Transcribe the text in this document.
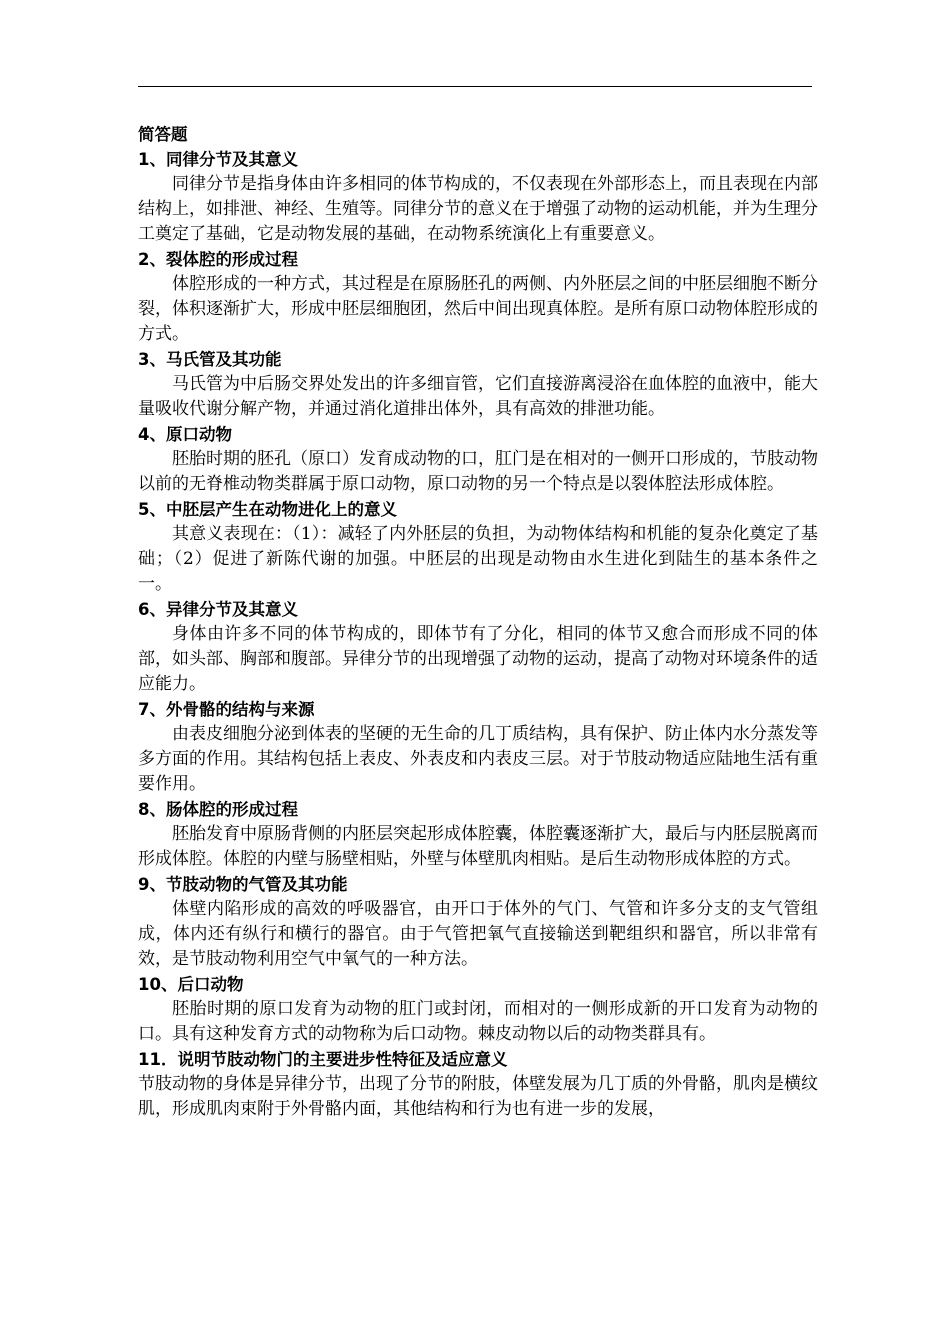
简答题

1、同律分节及其意义

同律分节是指身体由许多相同的体节构成的，不仅表现在外部形态上，而且表现在内部结构上，如排泄、神经、生殖等。同律分节的意义在于增强了动物的运动机能，并为生理分工奠定了基础，它是动物发展的基础，在动物系统演化上有重要意义。

2、裂体腔的形成过程

体腔形成的一种方式，其过程是在原肠胚孔的两侧、内外胚层之间的中胚层细胞不断分裂，体积逐渐扩大，形成中胚层细胞团，然后中间出现真体腔。是所有原口动物体腔形成的方式。

3、马氏管及其功能

马氏管为中后肠交界处发出的许多细盲管，它们直接游离浸浴在血体腔的血液中，能大量吸收代谢分解产物，并通过消化道排出体外，具有高效的排泄功能。

4、原口动物

胚胎时期的胚孔（原口）发育成动物的口，肛门是在相对的一侧开口形成的，节肢动物以前的无脊椎动物类群属于原口动物，原口动物的另一个特点是以裂体腔法形成体腔。

5、中胚层产生在动物进化上的意义

其意义表现在：（1）：减轻了内外胚层的负担，为动物体结构和机能的复杂化奠定了基础；（2）促进了新陈代谢的加强。中胚层的出现是动物由水生进化到陆生的基本条件之一。

6、异律分节及其意义

身体由许多不同的体节构成的，即体节有了分化，相同的体节又愈合而形成不同的体部，如头部、胸部和腹部。异律分节的出现增强了动物的运动，提高了动物对环境条件的适应能力。

7、外骨骼的结构与来源

由表皮细胞分泌到体表的坚硬的无生命的几丁质结构，具有保护、防止体内水分蒸发等多方面的作用。其结构包括上表皮、外表皮和内表皮三层。对于节肢动物适应陆地生活有重要作用。

8、肠体腔的形成过程

胚胎发育中原肠背侧的内胚层突起形成体腔囊，体腔囊逐渐扩大，最后与内胚层脱离而形成体腔。体腔的内壁与肠壁相贴，外壁与体壁肌肉相贴。是后生动物形成体腔的方式。

9、节肢动物的气管及其功能

体壁内陷形成的高效的呼吸器官，由开口于体外的气门、气管和许多分支的支气管组成，体内还有纵行和横行的器官。由于气管把氧气直接输送到靶组织和器官，所以非常有效，是节肢动物利用空气中氧气的一种方法。

10、后口动物

胚胎时期的原口发育为动物的肛门或封闭，而相对的一侧形成新的开口发育为动物的口。具有这种发育方式的动物称为后口动物。棘皮动物以后的动物类群具有。

11．说明节肢动物门的主要进步性特征及适应意义

节肢动物的身体是异律分节，出现了分节的附肢，体壁发展为几丁质的外骨骼，肌肉是横纹肌，形成肌肉束附于外骨骼内面，其他结构和行为也有进一步的发展，
